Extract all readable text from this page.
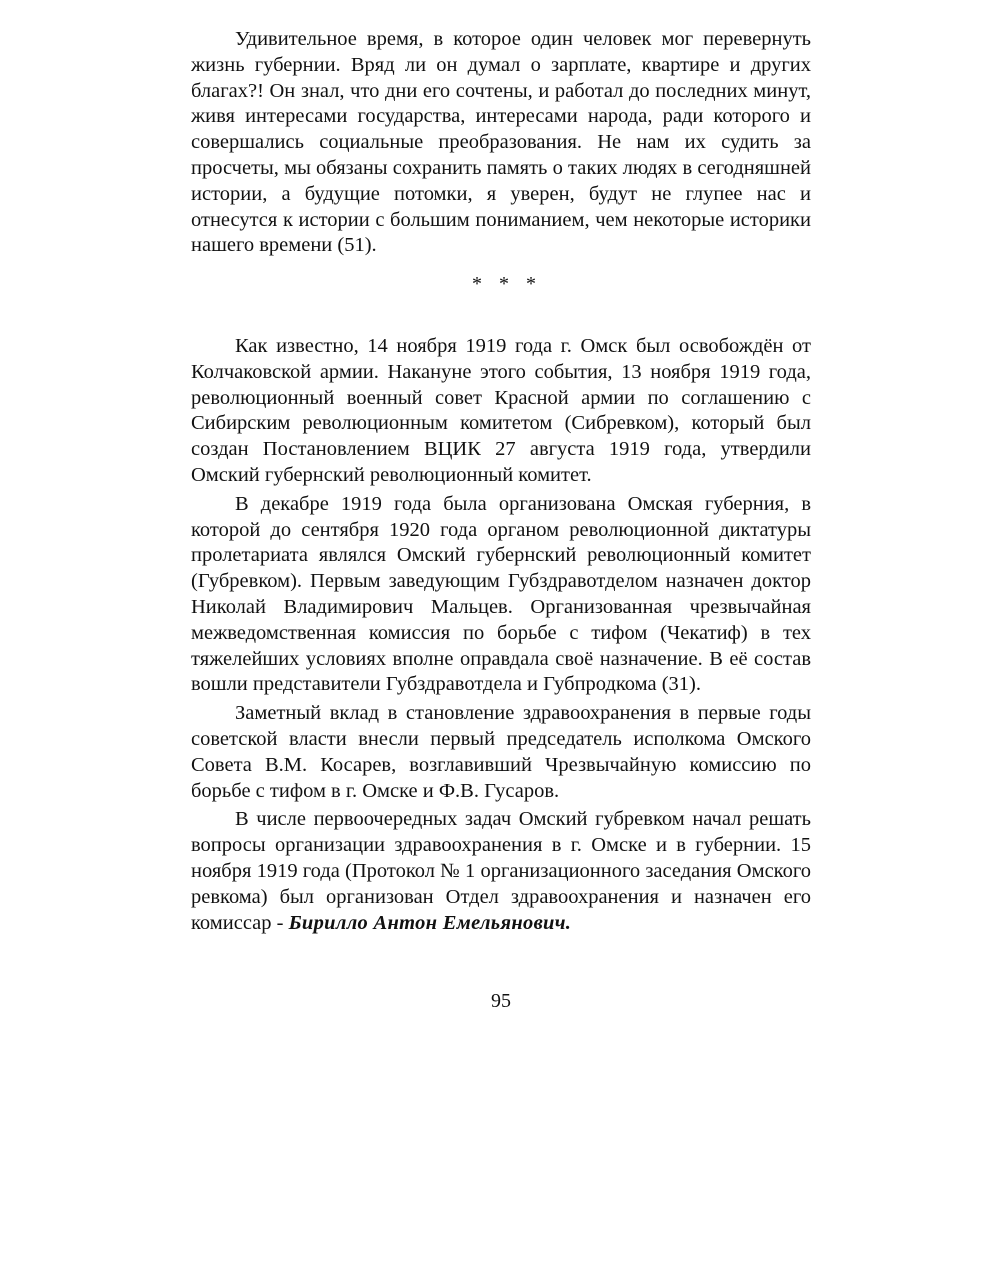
Удивительное время, в которое один человек мог перевернуть жизнь губернии. Вряд ли он думал о зарплате, квартире и других благах?! Он знал, что дни его сочтены, и работал до последних минут, живя интересами государства, интересами народа, ради которого и совершались социальные преобразования. Не нам их судить за просчеты, мы обязаны сохранить память о таких людях в сегодняшней истории, а будущие потомки, я уверен, будут не глупее нас и отнесутся к истории с большим пониманием, чем некоторые историки нашего времени (51).

* * *

Как известно, 14 ноября 1919 года г. Омск был освобождён от Колчаковской армии. Накануне этого события, 13 ноября 1919 года, революционный военный совет Красной армии по соглашению с Сибирским революционным комитетом (Сибревком), который был создан Постановлением ВЦИК 27 августа 1919 года, утвердили Омский губернский революционный комитет.

В декабре 1919 года была организована Омская губерния, в которой до сентября 1920 года органом революционной диктатуры пролетариата являлся Омский губернский революционный комитет (Губревком). Первым заведующим Губздравотделом назначен доктор Николай Владимирович Мальцев. Организованная чрезвычайная межведомственная комиссия по борьбе с тифом (Чекатиф) в тех тяжелейших условиях вполне оправдала своё назначение. В её состав вошли представители Губздравотдела и Губпродкома (31).

Заметный вклад в становление здравоохранения в первые годы советской власти внесли первый председатель исполкома Омского Совета В.М. Косарев, возглавивший Чрезвычайную комиссию по борьбе с тифом в г. Омске и Ф.В. Гусаров.

В числе первоочередных задач Омский губревком начал решать вопросы организации здравоохранения в г. Омске и в губернии. 15 ноября 1919 года (Протокол № 1 организационного заседания Омского ревкома) был организован Отдел здравоохранения и назначен его комиссар - Бирилло Антон Емельянович.

95
